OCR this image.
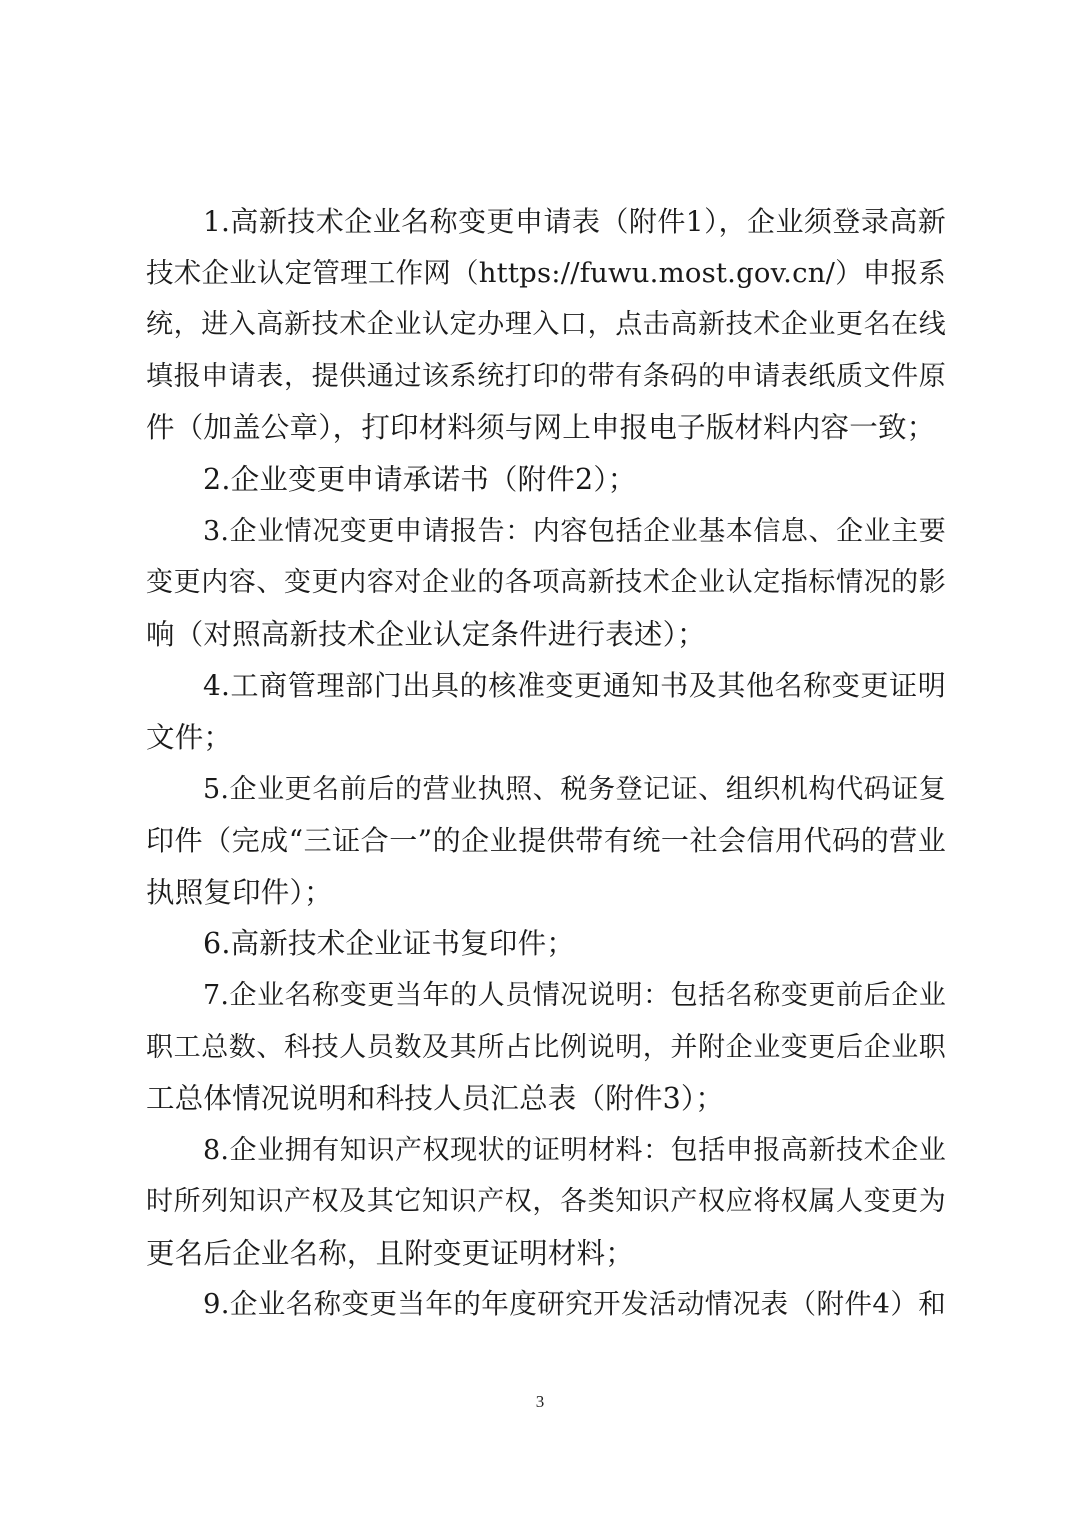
1.高新技术企业名称变更申请表（附件1），企业须登录高新
技术企业认定管理工作网（https://fuwu.most.gov.cn/）申报系
统，进入高新技术企业认定办理入口，点击高新技术企业更名在线
填报申请表，提供通过该系统打印的带有条码的申请表纸质文件原
件（加盖公章），打印材料须与网上申报电子版材料内容一致；
2.企业变更申请承诺书（附件2）；
3.企业情况变更申请报告：内容包括企业基本信息、企业主要
变更内容、变更内容对企业的各项高新技术企业认定指标情况的影
响（对照高新技术企业认定条件进行表述）；
4.工商管理部门出具的核准变更通知书及其他名称变更证明
文件；
5.企业更名前后的营业执照、税务登记证、组织机构代码证复
印件（完成“三证合一”的企业提供带有统一社会信用代码的营业
执照复印件）；
6.高新技术企业证书复印件；
7.企业名称变更当年的人员情况说明：包括名称变更前后企业
职工总数、科技人员数及其所占比例说明，并附企业变更后企业职
工总体情况说明和科技人员汇总表（附件3）；
8.企业拥有知识产权现状的证明材料：包括申报高新技术企业
时所列知识产权及其它知识产权，各类知识产权应将权属人变更为
更名后企业名称，且附变更证明材料；
9.企业名称变更当年的年度研究开发活动情况表（附件4）和
3
